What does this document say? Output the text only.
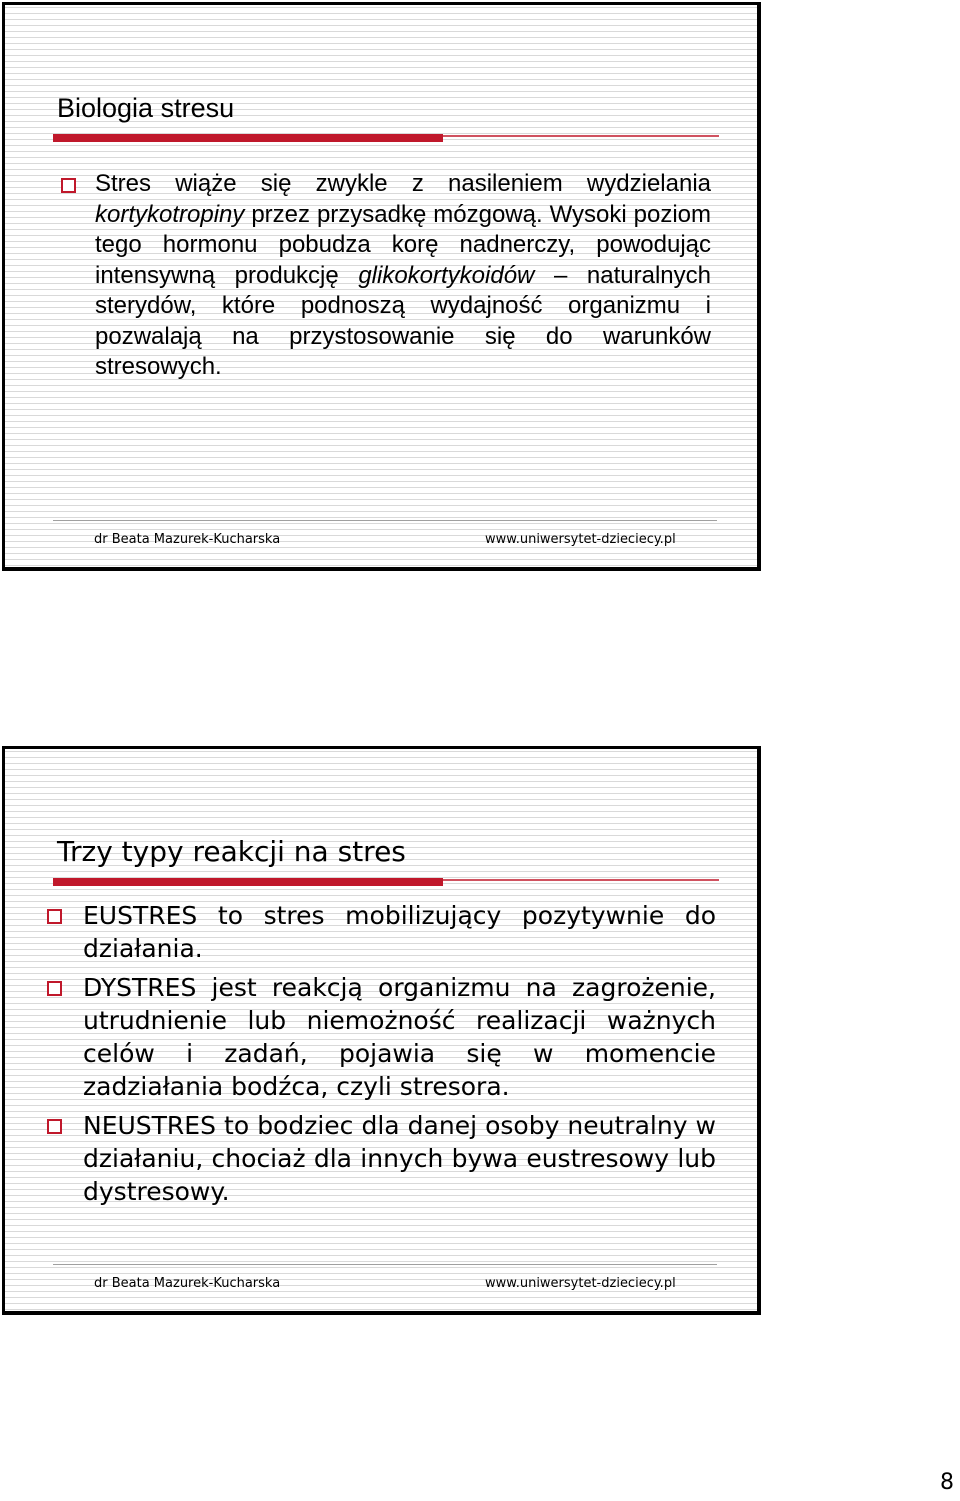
Biologia stresu
Stres wiąże się zwykle z nasileniem wydzielania kortykotropiny przez przysadkę mózgową. Wysoki poziom tego hormonu pobudza korę nadnerczy, powodując intensywną produkcję glikokortykoidów – naturalnych sterydów, które podnoszą wydajność organizmu i pozwalają na przystosowanie się do warunków stresowych.
dr Beata Mazurek-Kucharska	www.uniwersytet-dzieciecy.pl
Trzy typy reakcji na stres
EUSTRES to stres mobilizujący pozytywnie do działania.
DYSTRES jest reakcją organizmu na zagrożenie, utrudnienie lub niemożność realizacji ważnych celów i zadań, pojawia się w momencie zadziałania bodźca, czyli stresora.
NEUSTRES to bodziec dla danej osoby neutralny w działaniu, chociaż dla innych bywa eustresowy lub dystresowy.
dr Beata Mazurek-Kucharska	www.uniwersytet-dzieciecy.pl
8
